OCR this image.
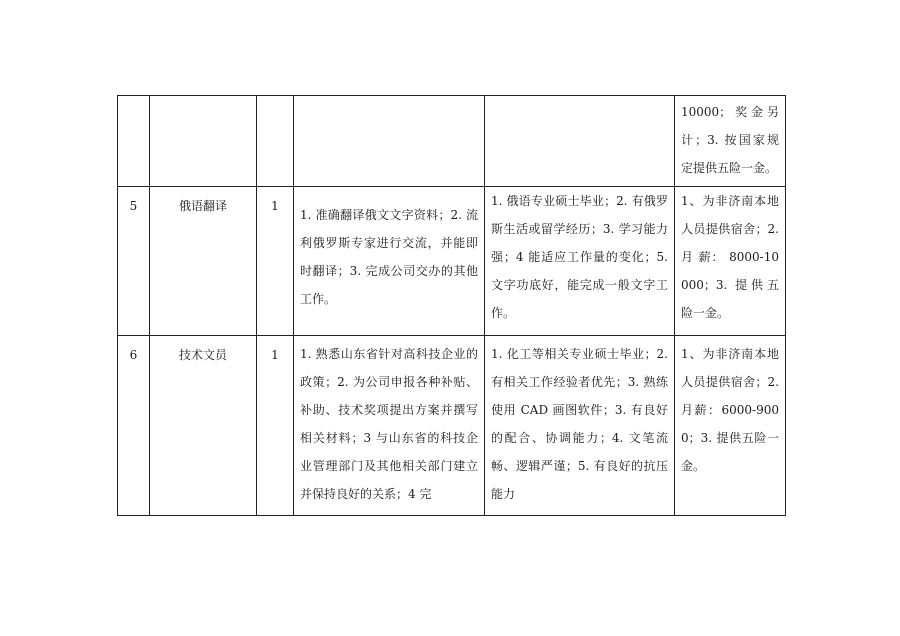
					10000；奖金另计；3. 按国家规定提供五险一金。

5	俄语翻译	1	1. 准确翻译俄文文字资料；2. 流利俄罗斯专家进行交流，并能即时翻译；3. 完成公司交办的其他工作。	1. 俄语专业硕士毕业；2. 有俄罗斯生活或留学经历；3. 学习能力强；4 能适应工作量的变化；5. 文字功底好，能完成一般文字工作。	1、为非济南本地人员提供宿舍；2. 月 薪： 8000-10000；3. 提供五险一金。

6	技术文员	1	1. 熟悉山东省针对高科技企业的政策；2. 为公司申报各种补贴、补助、技术奖项提出方案并撰写相关材料；3 与山东省的科技企业管理部门及其他相关部门建立并保持良好的关系；4 完	1. 化工等相关专业硕士毕业；2. 有相关工作经验者优先；3. 熟练使用 CAD 画图软件；3. 有良好的配合、协调能力；4. 文笔流畅、逻辑严谨；5. 有良好的抗压能力	1、为非济南本地人员提供宿舍；2. 月薪：6000-9000；3. 提供五险一金。
